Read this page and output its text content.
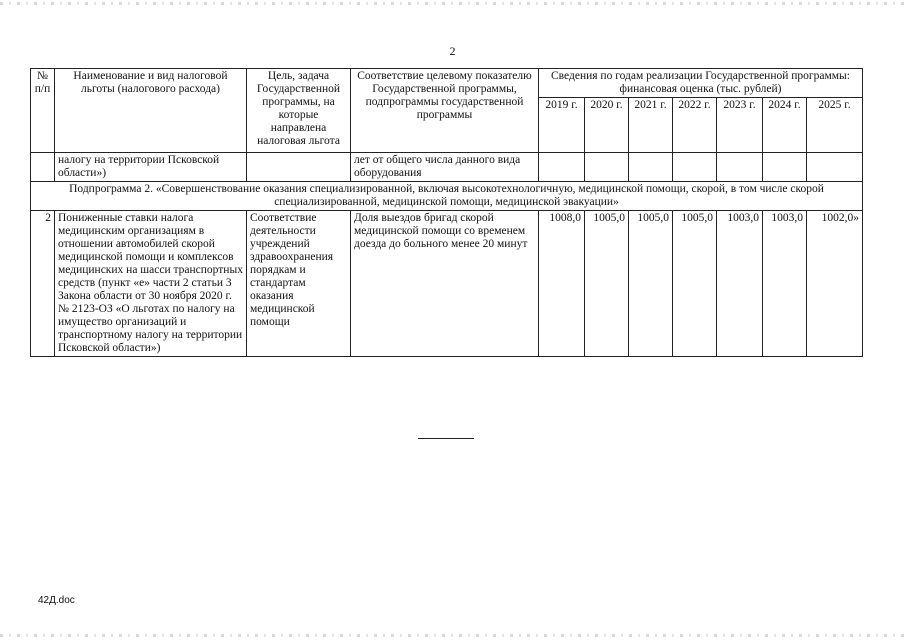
2
№ п/п	Наименование и вид налоговой льготы (налогового расхода)	Цель, задача Государственной программы, на которые направлена налоговая льгота	Соответствие целевому показателю Государственной программы, подпрограммы государственной программы	Сведения по годам реализации Государственной программы: финансовая оценка (тыс. рублей)						
				2019 г.	2020 г.	2021 г.	2022 г.	2023 г.	2024 г.	2025 г.
	налогу на территории Псковской области»)		лет от общего числа данного вида оборудования							
Подпрограмма 2. «Совершенствование оказания специализированной, включая высокотехнологичную, медицинской помощи, скорой, в том числе скорой специализированной, медицинской помощи, медицинской эвакуации»										
2	Пониженные ставки налога медицинским организациям в отношении автомобилей скорой медицинской помощи и комплексов медицинских на шасси транспортных средств (пункт «е» части 2 статьи 3 Закона области от 30 ноября 2020 г. № 2123-ОЗ «О льготах по налогу на имущество организаций и транспортному налогу на территории Псковской области»)	Соответствие деятельности учреждений здравоохранения порядкам и стандартам оказания медицинской помощи	Доля выездов бригад скорой медицинской помощи со временем доезда до больного менее 20 минут	1008,0	1005,0	1005,0	1005,0	1003,0	1003,0	1002,0»
42Д.doc
